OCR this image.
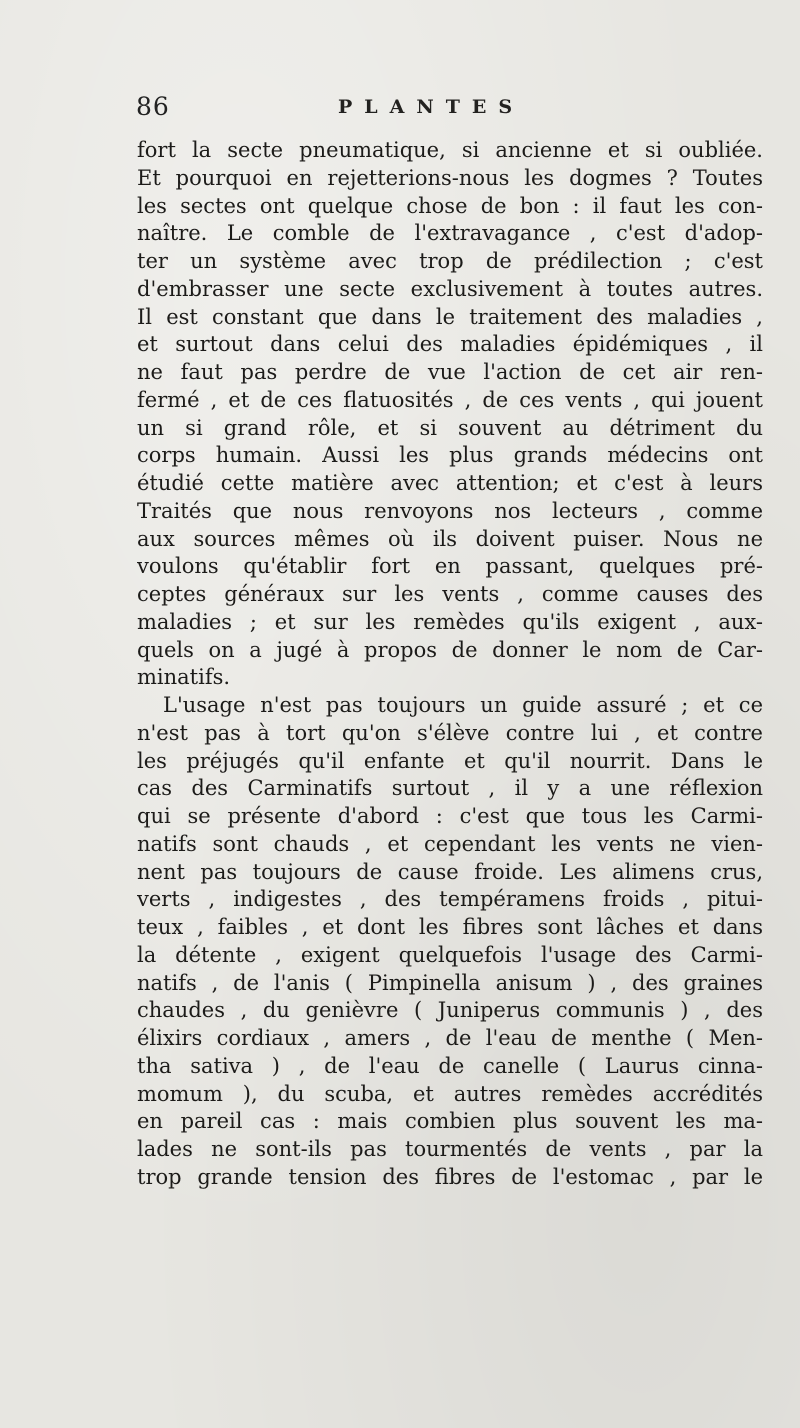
86	PLANTES
fort la secte pneumatique, si ancienne et si oubliée.
Et pourquoi en rejetterions-nous les dogmes ? Toutes
les sectes ont quelque chose de bon : il faut les con-
naître. Le comble de l'extravagance , c'est d'adop-
ter un système avec trop de prédilection ; c'est
d'embrasser une secte exclusivement à toutes autres.
Il est constant que dans le traitement des maladies ,
et surtout dans celui des maladies épidémiques , il
ne faut pas perdre de vue l'action de cet air ren-
fermé , et de ces flatuosités , de ces vents , qui jouent
un si grand rôle, et si souvent au détriment du
corps humain. Aussi les plus grands médecins ont
étudié cette matière avec attention; et c'est à leurs
Traités que nous renvoyons nos lecteurs , comme
aux sources mêmes où ils doivent puiser. Nous ne
voulons qu'établir fort en passant, quelques pré-
ceptes généraux sur les vents , comme causes des
maladies ; et sur les remèdes qu'ils exigent , aux-
quels on a jugé à propos de donner le nom de Car-
minatifs.
L'usage n'est pas toujours un guide assuré ; et ce
n'est pas à tort qu'on s'élève contre lui , et contre
les préjugés qu'il enfante et qu'il nourrit. Dans le
cas des Carminatifs surtout , il y a une réflexion
qui se présente d'abord : c'est que tous les Carmi-
natifs sont chauds , et cependant les vents ne vien-
nent pas toujours de cause froide. Les alimens crus,
verts , indigestes , des tempéramens froids , pitui-
teux , faibles , et dont les fibres sont lâches et dans
la détente , exigent quelquefois l'usage des Carmi-
natifs , de l'anis ( Pimpinella anisum ) , des graines
chaudes , du genièvre ( Juniperus communis ) , des
élixirs cordiaux , amers , de l'eau de menthe ( Men-
tha sativa ) , de l'eau de canelle ( Laurus cinna-
momum ), du scuba, et autres remèdes accrédités
en pareil cas : mais combien plus souvent les ma-
lades ne sont-ils pas tourmentés de vents , par la
trop grande tension des fibres de l'estomac , par le
